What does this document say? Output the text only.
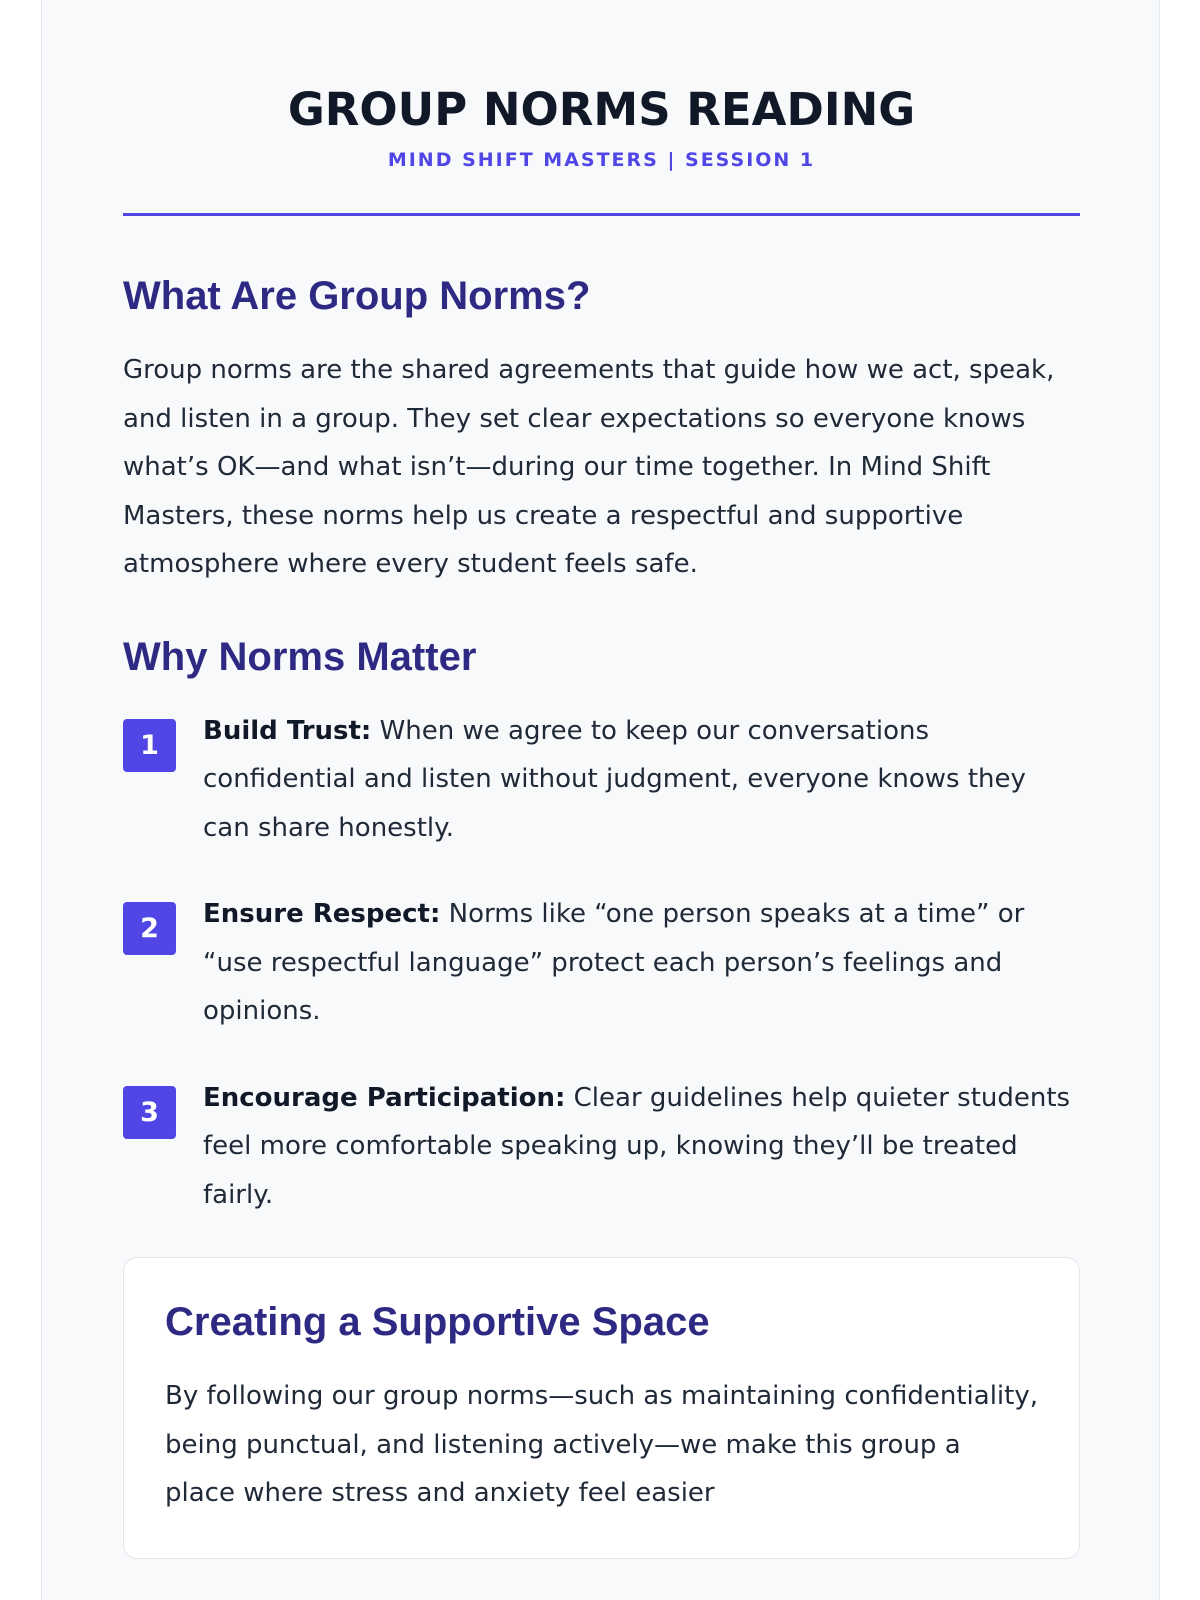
GROUP NORMS READING
MIND SHIFT MASTERS | SESSION 1
What Are Group Norms?

Group norms are the shared agreements that guide how we act, speak, and listen in a group. They set clear expectations so everyone knows what’s OK—and what isn’t—during our time together. In Mind Shift Masters, these norms help us create a respectful and supportive atmosphere where every student feels safe.

Why Norms Matter
1	Build Trust: When we agree to keep our conversations confidential and listen without judgment, everyone knows they can share honestly.
2	Ensure Respect: Norms like “one person speaks at a time” or “use respectful language” protect each person’s feelings and opinions.
3	Encourage Participation: Clear guidelines help quieter students feel more comfortable speaking up, knowing they’ll be treated fairly.
Creating a Supportive Space

By following our group norms—such as maintaining confidentiality, being punctual, and listening actively—we make this group a place where stress and anxiety feel easier
